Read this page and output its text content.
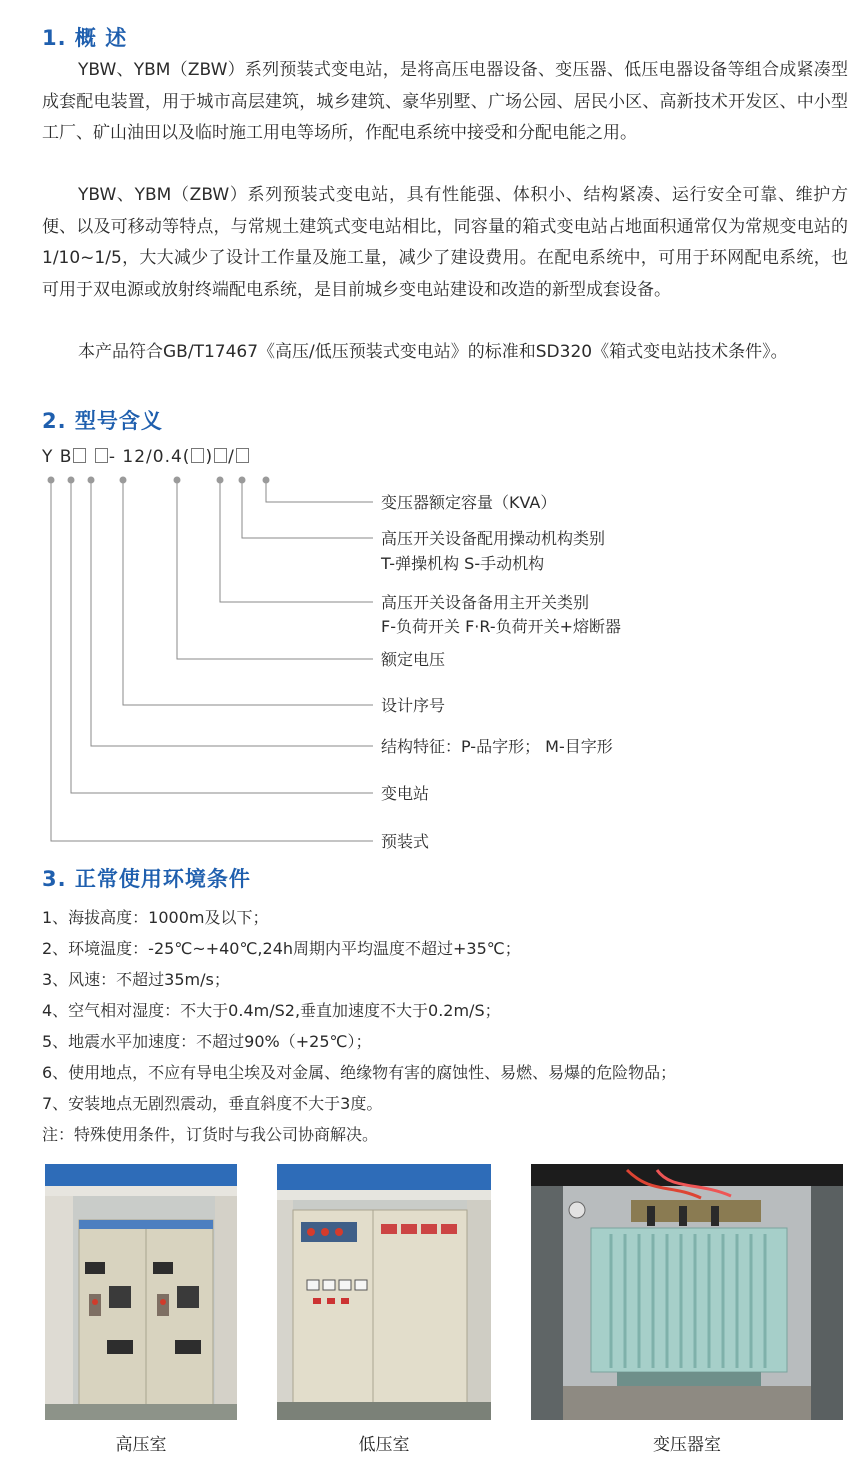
1. 概 述

YBW、YBM（ZBW）系列预装式变电站，是将高压电器设备、变压器、低压电器设备等组合成紧凑型成套配电装置，用于城市高层建筑，城乡建筑、豪华别墅、广场公园、居民小区、高新技术开发区、中小型工厂、矿山油田以及临时施工用电等场所，作配电系统中接受和分配电能之用。

YBW、YBM（ZBW）系列预装式变电站，具有性能强、体积小、结构紧凑、运行安全可靠、维护方便、以及可移动等特点，与常规土建筑式变电站相比，同容量的箱式变电站占地面积通常仅为常规变电站的1/10~1/5，大大减少了设计工作量及施工量，减少了建设费用。在配电系统中，可用于环网配电系统，也可用于双电源或放射终端配电系统，是目前城乡变电站建设和改造的新型成套设备。

本产品符合GB/T17467《高压/低压预装式变电站》的标准和SD320《箱式变电站技术条件》。

2. 型号含义
Y B - 12/0.4( ) /

变压器额定容量（KVA）

高压开关设备配用操动机构类别

T-弹操机构 S-手动机构

高压开关设备备用主开关类别

F-负荷开关 F·R-负荷开关+熔断器

额定电压

设计序号

结构特征：P-品字形； M-目字形

变电站

预装式

3. 正常使用环境条件

1、海拔高度：1000m及以下；

2、环境温度：-25℃~+40℃,24h周期内平均温度不超过+35℃；

3、风速：不超过35m/s；

4、空气相对湿度：不大于0.4m/S2,垂直加速度不大于0.2m/S；

5、地震水平加速度：不超过90%（+25℃）；

6、使用地点，不应有导电尘埃及对金属、绝缘物有害的腐蚀性、易燃、易爆的危险物品；

7、安装地点无剧烈震动，垂直斜度不大于3度。

注：特殊使用条件，订货时与我公司协商解决。

高压室	低压室	变压器室
